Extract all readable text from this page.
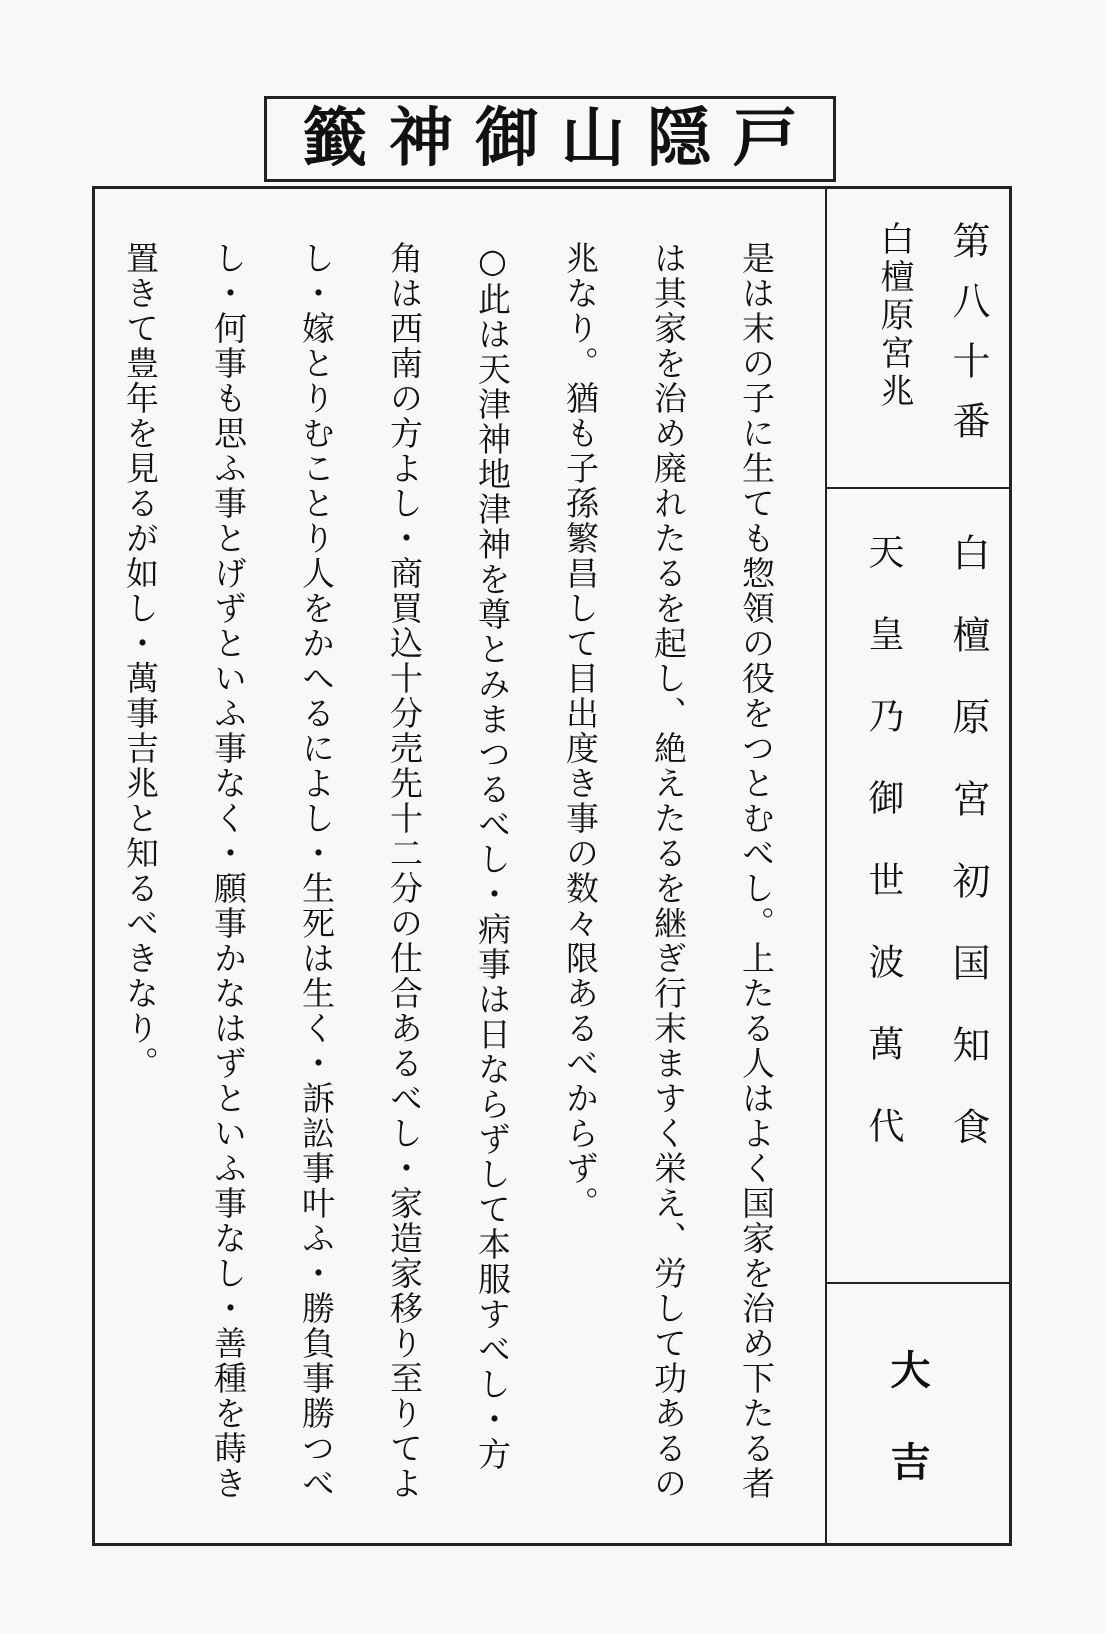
籤神御山隠戸
第八十番
白檀原宮兆
白檀原宮初国知食
天皇乃御世波萬代
大吉

是は末の子に生ても惣領の役をつとむべし。上たる人はよく国家を治め下たる者は其家を治め廃れたるを起し、絶えたるを継ぎ行末ますく栄え、労して功あるの兆なり。猶も子孫繁昌して目出度き事の数々限あるべからず。

○此は天津神地津神を尊とみまつるべし・病事は日ならずして本服すべし・方角は西南の方よし・商買込十分売先十二分の仕合あるべし・家造家移り至りてよし・嫁とりむことり人をかへるによし・生死は生く・訴訟事叶ふ・勝負事勝つべし・何事も思ふ事とげずといふ事なく・願事かなはずといふ事なし・善種を蒔き置きて豊年を見るが如し・萬事吉兆と知るべきなり。
